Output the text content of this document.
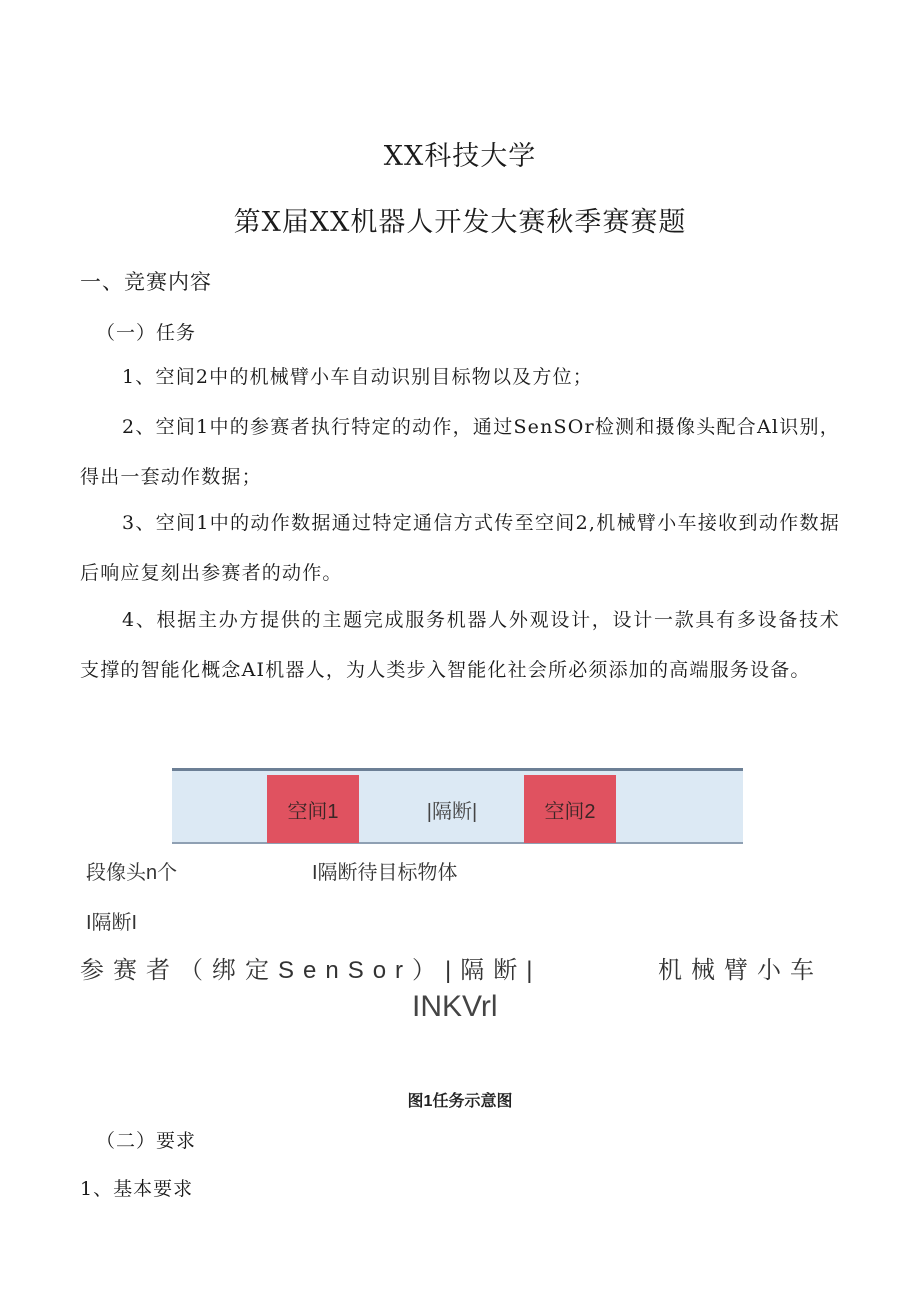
XX科技大学
第X届XX机器人开发大赛秋季赛赛题
一、竞赛内容
（一）任务
1、空间2中的机械臂小车自动识别目标物以及方位；
2、空间1中的参赛者执行特定的动作，通过SenSOr检测和摄像头配合Al识别，得出一套动作数据；
3、空间1中的动作数据通过特定通信方式传至空间2,机械臂小车接收到动作数据后响应复刻出参赛者的动作。
4、根据主办方提供的主题完成服务机器人外观设计，设计一款具有多设备技术支撑的智能化概念AI机器人，为人类步入智能化社会所必须添加的高端服务设备。
空间1	|隔断|	空间2
段像头n个	I隔断待目标物体
I隔断I
参赛者（绑定SenSor）|隔断|	机械臂小车
INKVrl
图1任务示意图
（二）要求
1、基本要求
